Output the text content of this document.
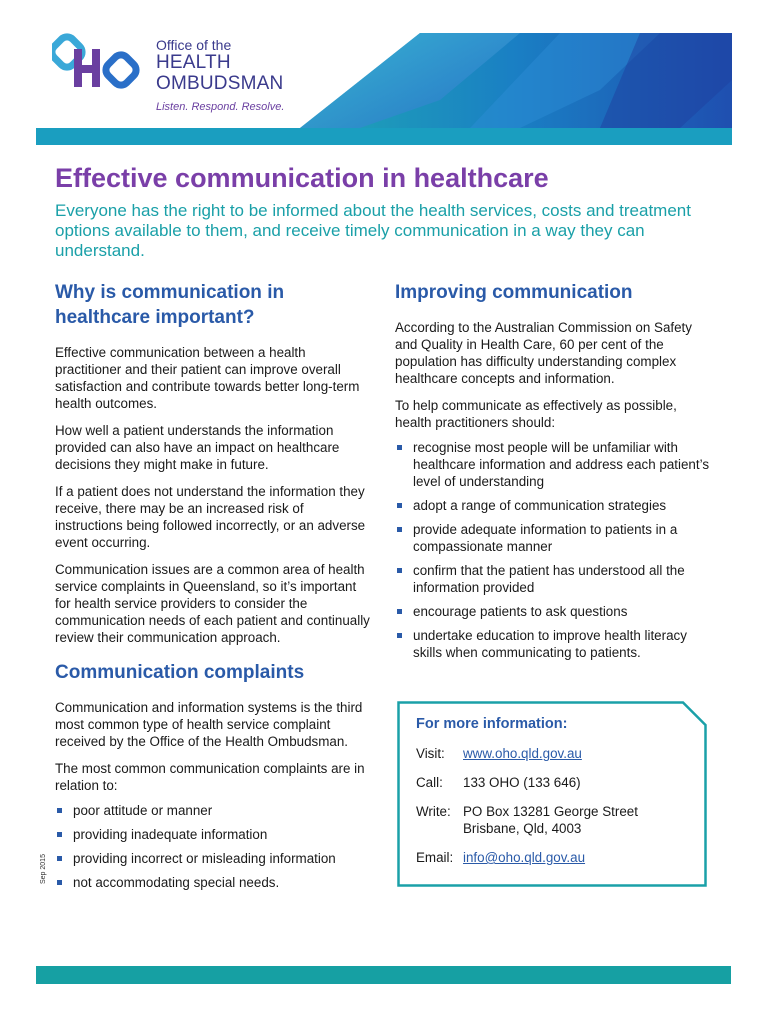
Office of the

HEALTH

OMBUDSMAN

Listen. Respond. Resolve.

Effective communication in healthcare

Everyone has the right to be informed about the health services, costs and treatment options available to them, and receive timely communication in a way they can understand.

Why is communication in healthcare important?

Effective communication between a health practitioner and their patient can improve overall satisfaction and contribute towards better long-term health outcomes.

How well a patient understands the information provided can also have an impact on healthcare decisions they might make in future.

If a patient does not understand the information they receive, there may be an increased risk of instructions being followed incorrectly, or an adverse event occurring.

Communication issues are a common area of health service complaints in Queensland, so it’s important for health service providers to consider the communication needs of each patient and continually review their communication approach.

Communication complaints

Communication and information systems is the third most common type of health service complaint received by the Office of the Health Ombudsman.

The most common communication complaints are in relation to:

poor attitude or manner
providing inadequate information
providing incorrect or misleading information
not accommodating special needs.
Improving communication

According to the Australian Commission on Safety and Quality in Health Care, 60 per cent of the population has difficulty understanding complex healthcare concepts and information.

To help communicate as effectively as possible, health practitioners should:

recognise most people will be unfamiliar with healthcare information and address each patient’s level of understanding
adopt a range of communication strategies
provide adequate information to patients in a compassionate manner
confirm that the patient has understood all the information provided
encourage patients to ask questions
undertake education to improve health literacy skills when communicating to patients.

For more information:

Visit:	www.oho.qld.gov.au
Call:	133 OHO (133 646)
Write: PO Box 13281 George Street
Brisbane, Qld, 4003
Email: info@oho.qld.gov.au
Sep 2015
